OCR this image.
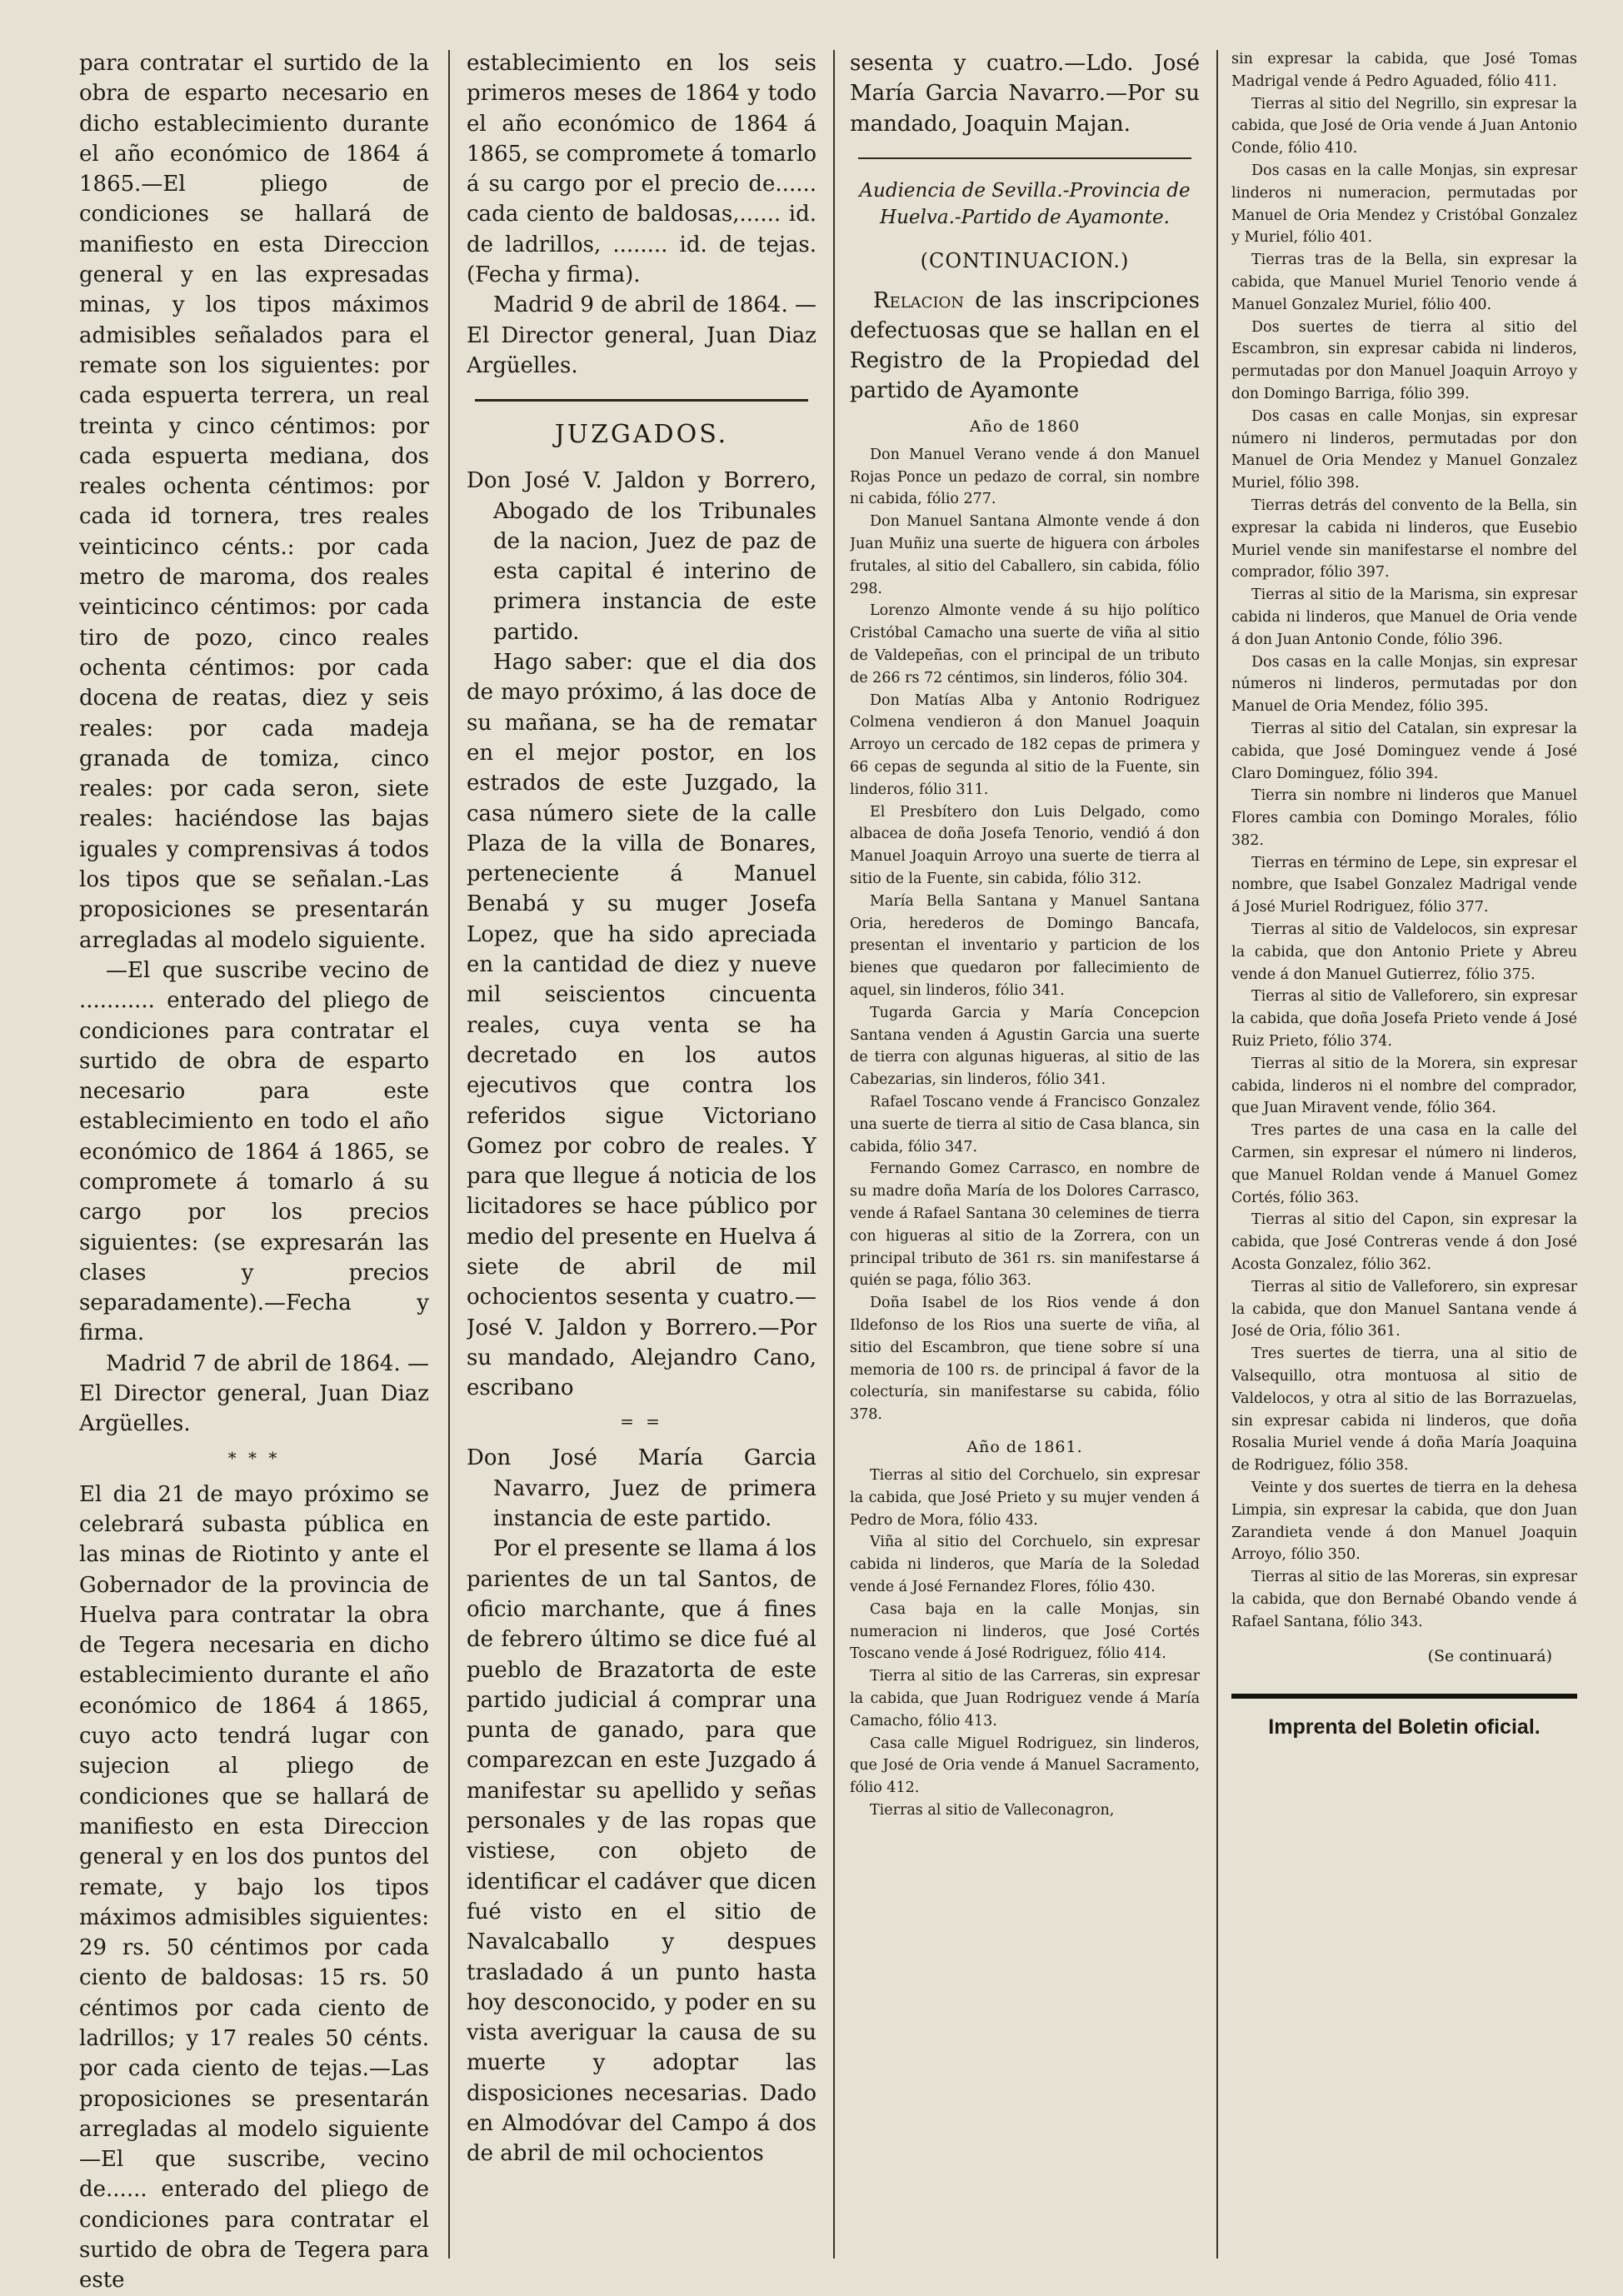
para contratar el surtido de la obra de esparto necesario en dicho establecimiento durante el año económico de 1864 á 1865.—El pliego de condiciones se hallará de manifiesto en esta Direccion general y en las expresadas minas, y los tipos máximos admisibles señalados para el remate son los siguientes: por cada espuerta terrera, un real treinta y cinco céntimos: por cada espuerta mediana, dos reales ochenta céntimos: por cada id tornera, tres reales veinticinco cénts.: por cada metro de maroma, dos reales veinticinco céntimos: por cada tiro de pozo, cinco reales ochenta céntimos: por cada docena de reatas, diez y seis reales: por cada madeja granada de tomiza, cinco reales: por cada seron, siete reales: haciéndose las bajas iguales y comprensivas á todos los tipos que se señalan.-Las proposiciones se presentarán arregladas al modelo siguiente.

—El que suscribe vecino de ........... enterado del pliego de condiciones para contratar el surtido de obra de esparto necesario para este establecimiento en todo el año económico de 1864 á 1865, se compromete á tomarlo á su cargo por los precios siguientes: (se expresarán las clases y precios separadamente).—Fecha y firma.

Madrid 7 de abril de 1864. —El Director general, Juan Diaz Argüelles.

* * *

El dia 21 de mayo próximo se celebrará subasta pública en las minas de Riotinto y ante el Gobernador de la provincia de Huelva para contratar la obra de Tegera necesaria en dicho establecimiento durante el año económico de 1864 á 1865, cuyo acto tendrá lugar con sujecion al pliego de condiciones que se hallará de manifiesto en esta Direccion general y en los dos puntos del remate, y bajo los tipos máximos admisibles siguientes: 29 rs. 50 céntimos por cada ciento de baldosas: 15 rs. 50 céntimos por cada ciento de ladrillos; y 17 reales 50 cénts. por cada ciento de tejas.—Las proposiciones se presentarán arregladas al modelo siguiente —El que suscribe, vecino de...... enterado del pliego de condiciones para contratar el surtido de obra de Tegera para este

establecimiento en los seis primeros meses de 1864 y todo el año económico de 1864 á 1865, se compromete á tomarlo á su cargo por el precio de...... cada ciento de baldosas,...... id. de ladrillos, ........ id. de tejas. (Fecha y firma).

Madrid 9 de abril de 1864. —El Director general, Juan Diaz Argüelles.

JUZGADOS.

Don José V. Jaldon y Borrero, Abogado de los Tribunales de la nacion, Juez de paz de esta capital é interino de primera instancia de este partido.

Hago saber: que el dia dos de mayo próximo, á las doce de su mañana, se ha de rematar en el mejor postor, en los estrados de este Juzgado, la casa número siete de la calle Plaza de la villa de Bonares, perteneciente á Manuel Benabá y su muger Josefa Lopez, que ha sido apreciada en la cantidad de diez y nueve mil seiscientos cincuenta reales, cuya venta se ha decretado en los autos ejecutivos que contra los referidos sigue Victoriano Gomez por cobro de reales. Y para que llegue á noticia de los licitadores se hace público por medio del presente en Huelva á siete de abril de mil ochocientos sesenta y cuatro.—José V. Jaldon y Borrero.—Por su mandado, Alejandro Cano, escribano

= =

Don José María Garcia Navarro, Juez de primera instancia de este partido.

Por el presente se llama á los parientes de un tal Santos, de oficio marchante, que á fines de febrero último se dice fué al pueblo de Brazatorta de este partido judicial á comprar una punta de ganado, para que comparezcan en este Juzgado á manifestar su apellido y señas personales y de las ropas que vistiese, con objeto de identificar el cadáver que dicen fué visto en el sitio de Navalcaballo y despues trasladado á un punto hasta hoy desconocido, y poder en su vista averiguar la causa de su muerte y adoptar las disposiciones necesarias. Dado en Almodóvar del Campo á dos de abril de mil ochocientos

sesenta y cuatro.—Ldo. José María Garcia Navarro.—Por su mandado, Joaquin Majan.

Audiencia de Sevilla.-Provincia de Huelva.-Partido de Ayamonte.

(CONTINUACION.)

Relacion de las inscripciones defectuosas que se hallan en el Registro de la Propiedad del partido de Ayamonte

Año de 1860

Don Manuel Verano vende á don Manuel Rojas Ponce un pedazo de corral, sin nombre ni cabida, fólio 277.

Don Manuel Santana Almonte vende á don Juan Muñiz una suerte de higuera con árboles frutales, al sitio del Caballero, sin cabida, fólio 298.

Lorenzo Almonte vende á su hijo político Cristóbal Camacho una suerte de viña al sitio de Valdepeñas, con el principal de un tributo de 266 rs 72 céntimos, sin linderos, fólio 304.

Don Matías Alba y Antonio Rodriguez Colmena vendieron á don Manuel Joaquin Arroyo un cercado de 182 cepas de primera y 66 cepas de segunda al sitio de la Fuente, sin linderos, fólio 311.

El Presbítero don Luis Delgado, como albacea de doña Josefa Tenorio, vendió á don Manuel Joaquin Arroyo una suerte de tierra al sitio de la Fuente, sin cabida, fólio 312.

María Bella Santana y Manuel Santana Oria, herederos de Domingo Bancafa, presentan el inventario y particion de los bienes que quedaron por fallecimiento de aquel, sin linderos, fólio 341.

Tugarda Garcia y María Concepcion Santana venden á Agustin Garcia una suerte de tierra con algunas higueras, al sitio de las Cabezarias, sin linderos, fólio 341.

Rafael Toscano vende á Francisco Gonzalez una suerte de tierra al sitio de Casa blanca, sin cabida, fólio 347.

Fernando Gomez Carrasco, en nombre de su madre doña María de los Dolores Carrasco, vende á Rafael Santana 30 celemines de tierra con higueras al sitio de la Zorrera, con un principal tributo de 361 rs. sin manifestarse á quién se paga, fólio 363.

Doña Isabel de los Rios vende á don Ildefonso de los Rios una suerte de viña, al sitio del Escambron, que tiene sobre sí una memoria de 100 rs. de principal á favor de la colecturía, sin manifestarse su cabida, fólio 378.

Año de 1861.

Tierras al sitio del Corchuelo, sin expresar la cabida, que José Prieto y su mujer venden á Pedro de Mora, fólio 433.

Viña al sitio del Corchuelo, sin expresar cabida ni linderos, que María de la Soledad vende á José Fernandez Flores, fólio 430.

Casa baja en la calle Monjas, sin numeracion ni linderos, que José Cortés Toscano vende á José Rodriguez, fólio 414.

Tierra al sitio de las Carreras, sin expresar la cabida, que Juan Rodriguez vende á María Camacho, fólio 413.

Casa calle Miguel Rodriguez, sin linderos, que José de Oria vende á Manuel Sacramento, fólio 412.

Tierras al sitio de Valleconagron,

sin expresar la cabida, que José Tomas Madrigal vende á Pedro Aguaded, fólio 411.

Tierras al sitio del Negrillo, sin expresar la cabida, que José de Oria vende á Juan Antonio Conde, fólio 410.

Dos casas en la calle Monjas, sin expresar linderos ni numeracion, permutadas por Manuel de Oria Mendez y Cristóbal Gonzalez y Muriel, fólio 401.

Tierras tras de la Bella, sin expresar la cabida, que Manuel Muriel Tenorio vende á Manuel Gonzalez Muriel, fólio 400.

Dos suertes de tierra al sitio del Escambron, sin expresar cabida ni linderos, permutadas por don Manuel Joaquin Arroyo y don Domingo Barriga, fólio 399.

Dos casas en calle Monjas, sin expresar número ni linderos, permutadas por don Manuel de Oria Mendez y Manuel Gonzalez Muriel, fólio 398.

Tierras detrás del convento de la Bella, sin expresar la cabida ni linderos, que Eusebio Muriel vende sin manifestarse el nombre del comprador, fólio 397.

Tierras al sitio de la Marisma, sin expresar cabida ni linderos, que Manuel de Oria vende á don Juan Antonio Conde, fólio 396.

Dos casas en la calle Monjas, sin expresar números ni linderos, permutadas por don Manuel de Oria Mendez, fólio 395.

Tierras al sitio del Catalan, sin expresar la cabida, que José Dominguez vende á José Claro Dominguez, fólio 394.

Tierra sin nombre ni linderos que Manuel Flores cambia con Domingo Morales, fólio 382.

Tierras en término de Lepe, sin expresar el nombre, que Isabel Gonzalez Madrigal vende á José Muriel Rodriguez, fólio 377.

Tierras al sitio de Valdelocos, sin expresar la cabida, que don Antonio Priete y Abreu vende á don Manuel Gutierrez, fólio 375.

Tierras al sitio de Valleforero, sin expresar la cabida, que doña Josefa Prieto vende á José Ruiz Prieto, fólio 374.

Tierras al sitio de la Morera, sin expresar cabida, linderos ni el nombre del comprador, que Juan Miravent vende, fólio 364.

Tres partes de una casa en la calle del Carmen, sin expresar el número ni linderos, que Manuel Roldan vende á Manuel Gomez Cortés, fólio 363.

Tierras al sitio del Capon, sin expresar la cabida, que José Contreras vende á don José Acosta Gonzalez, fólio 362.

Tierras al sitio de Valleforero, sin expresar la cabida, que don Manuel Santana vende á José de Oria, fólio 361.

Tres suertes de tierra, una al sitio de Valsequillo, otra montuosa al sitio de Valdelocos, y otra al sitio de las Borrazuelas, sin expresar cabida ni linderos, que doña Rosalia Muriel vende á doña María Joaquina de Rodriguez, fólio 358.

Veinte y dos suertes de tierra en la dehesa Limpia, sin expresar la cabida, que don Juan Zarandieta vende á don Manuel Joaquin Arroyo, fólio 350.

Tierras al sitio de las Moreras, sin expresar la cabida, que don Bernabé Obando vende á Rafael Santana, fólio 343.

(Se continuará)
Imprenta del Boletin oficial.
